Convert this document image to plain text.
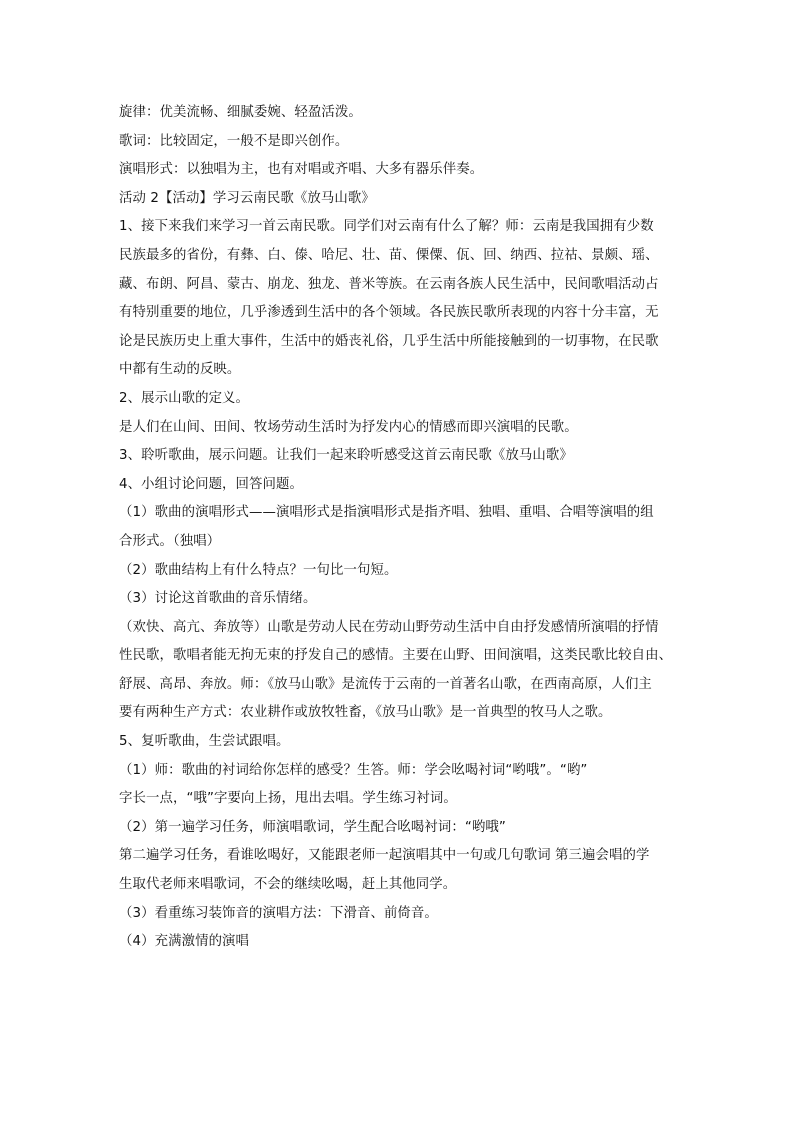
旋律：优美流畅、细腻委婉、轻盈活泼。
歌词：比较固定，一般不是即兴创作。
演唱形式：以独唱为主，也有对唱或齐唱、大多有器乐伴奏。
活动 2【活动】学习云南民歌《放马山歌》
1、接下来我们来学习一首云南民歌。同学们对云南有什么了解？师：云南是我国拥有少数
民族最多的省份，有彝、白、傣、哈尼、壮、苗、傈僳、佤、回、纳西、拉祜、景颇、瑶、
藏、布朗、阿昌、蒙古、崩龙、独龙、普米等族。在云南各族人民生活中，民间歌唱活动占
有特别重要的地位，几乎渗透到生活中的各个领域。各民族民歌所表现的内容十分丰富，无
论是民族历史上重大事件，生活中的婚丧礼俗，几乎生活中所能接触到的一切事物，在民歌
中都有生动的反映。
2、展示山歌的定义。
是人们在山间、田间、牧场劳动生活时为抒发内心的情感而即兴演唱的民歌。
3、聆听歌曲，展示问题。让我们一起来聆听感受这首云南民歌《放马山歌》
4、小组讨论问题，回答问题。
（1）歌曲的演唱形式——演唱形式是指演唱形式是指齐唱、独唱、重唱、合唱等演唱的组
合形式。（独唱）
（2）歌曲结构上有什么特点？一句比一句短。
（3）讨论这首歌曲的音乐情绪。
（欢快、高亢、奔放等）山歌是劳动人民在劳动山野劳动生活中自由抒发感情所演唱的抒情
性民歌，歌唱者能无拘无束的抒发自己的感情。主要在山野、田间演唱，这类民歌比较自由、
舒展、高昂、奔放。师：《放马山歌》是流传于云南的一首著名山歌，在西南高原，人们主
要有两种生产方式：农业耕作或放牧牲畜，《放马山歌》是一首典型的牧马人之歌。
5、复听歌曲，生尝试跟唱。
（1）师：歌曲的衬词给你怎样的感受？生答。师：学会吆喝衬词“哟哦”。“哟”
字长一点，“哦”字要向上扬，甩出去唱。学生练习衬词。
（2）第一遍学习任务，师演唱歌词，学生配合吆喝衬词：“哟哦”
第二遍学习任务，看谁吆喝好，又能跟老师一起演唱其中一句或几句歌词 第三遍会唱的学
生取代老师来唱歌词，不会的继续吆喝，赶上其他同学。
（3）看重练习装饰音的演唱方法：下滑音、前倚音。
（4）充满激情的演唱
